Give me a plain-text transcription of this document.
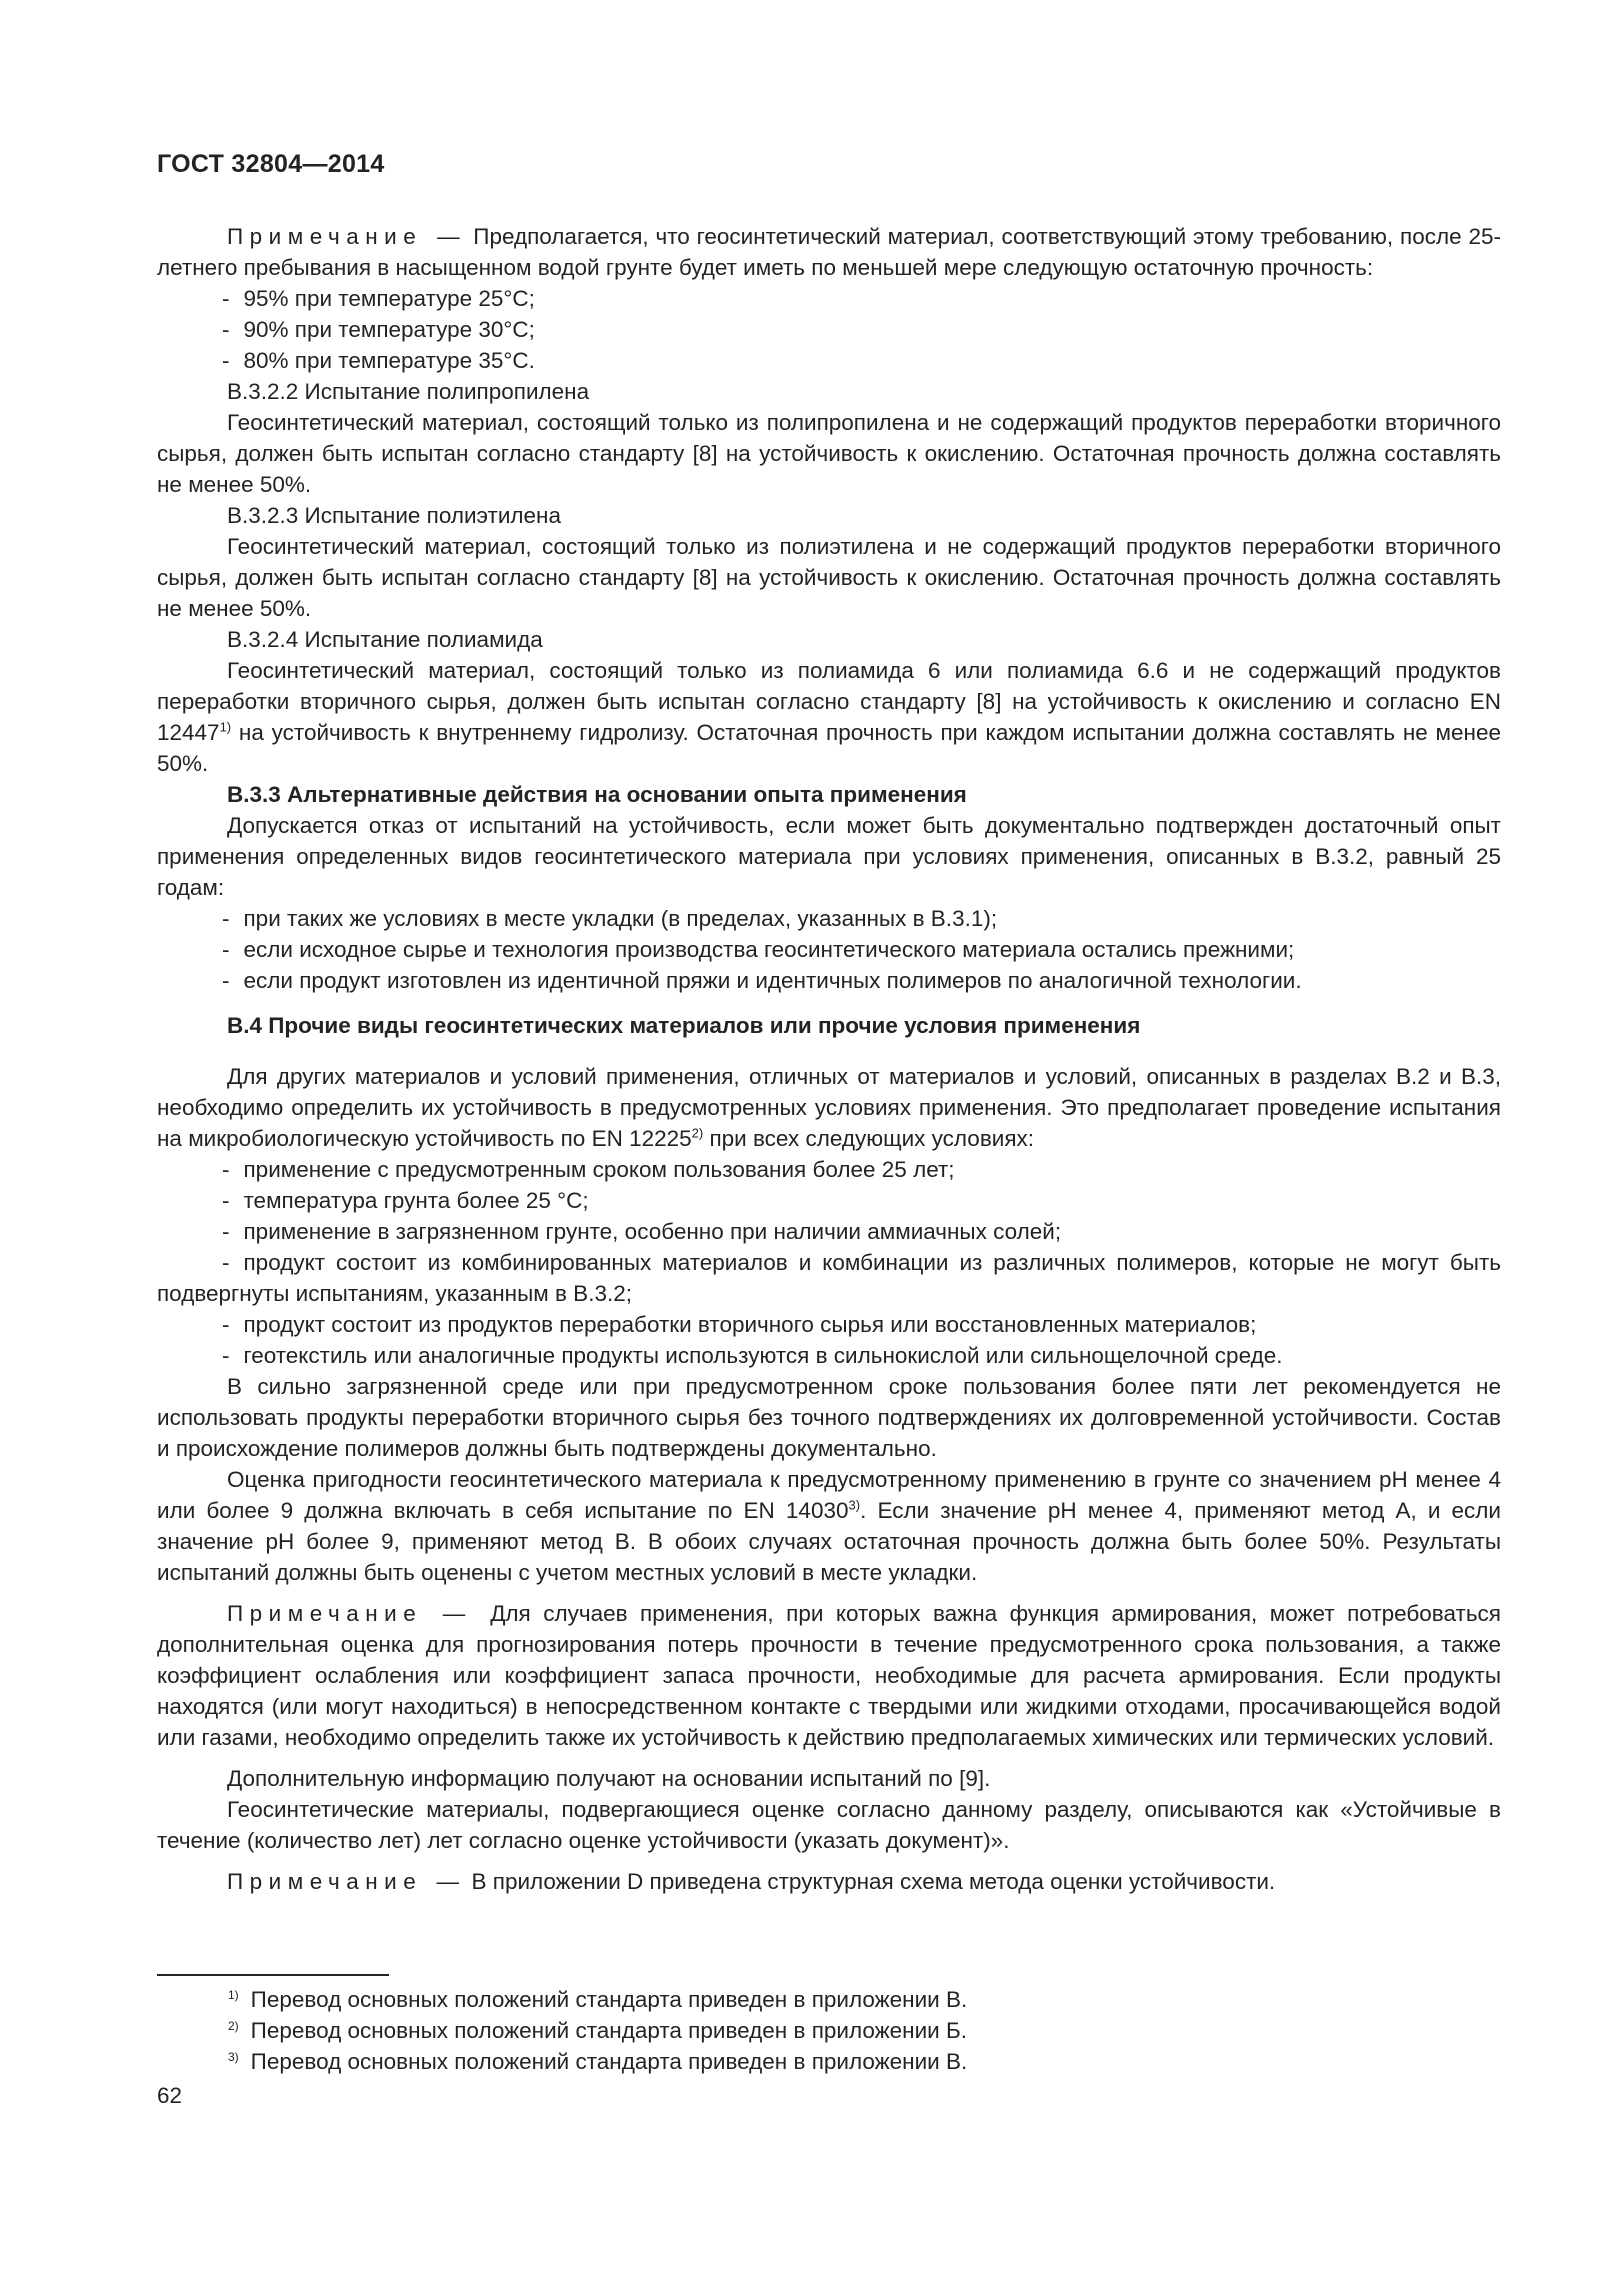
ГОСТ 32804—2014

Примечание — Предполагается, что геосинтетический материал, соответствующий этому требованию, после 25-летнего пребывания в насыщенном водой грунте будет иметь по меньшей мере следующую остаточную прочность:

- 95% при температуре 25°С;

- 90% при температуре 30°С;

- 80% при температуре 35°С.

В.3.2.2 Испытание полипропилена

Геосинтетический материал, состоящий только из полипропилена и не содержащий продуктов переработки вторичного сырья, должен быть испытан согласно стандарту [8] на устойчивость к окислению. Остаточная прочность должна составлять не менее 50%.

В.3.2.3 Испытание полиэтилена

Геосинтетический материал, состоящий только из полиэтилена и не содержащий продуктов переработки вторичного сырья, должен быть испытан согласно стандарту [8] на устойчивость к окислению. Остаточная прочность должна составлять не менее 50%.

В.3.2.4 Испытание полиамида

Геосинтетический материал, состоящий только из полиамида 6 или полиамида 6.6 и не содержащий продуктов переработки вторичного сырья, должен быть испытан согласно стандарту [8] на устойчивость к окислению и согласно EN 12447$^{1)}$ на устойчивость к внутреннему гидролизу. Остаточная прочность при каждом испытании должна составлять не менее 50%.

В.3.3 Альтернативные действия на основании опыта применения

Допускается отказ от испытаний на устойчивость, если может быть документально подтвержден достаточный опыт применения определенных видов геосинтетического материала при условиях применения, описанных в В.3.2, равный 25 годам:

- при таких же условиях в месте укладки (в пределах, указанных в В.3.1);

- если исходное сырье и технология производства геосинтетического материала остались прежними;

- если продукт изготовлен из идентичной пряжи и идентичных полимеров по аналогичной технологии.

В.4 Прочие виды геосинтетических материалов или прочие условия применения

Для других материалов и условий применения, отличных от материалов и условий, описанных в разделах В.2 и В.3, необходимо определить их устойчивость в предусмотренных условиях применения. Это предполагает проведение испытания на микробиологическую устойчивость по EN 12225$^{2)}$ при всех следующих условиях:

- применение с предусмотренным сроком пользования более 25 лет;

- температура грунта более 25 °С;

- применение в загрязненном грунте, особенно при наличии аммиачных солей;

- продукт состоит из комбинированных материалов и комбинации из различных полимеров, которые не могут быть подвергнуты испытаниям, указанным в В.3.2;

- продукт состоит из продуктов переработки вторичного сырья или восстановленных материалов;

- геотекстиль или аналогичные продукты используются в сильнокислой или сильнощелочной среде.

В сильно загрязненной среде или при предусмотренном сроке пользования более пяти лет рекомендуется не использовать продукты переработки вторичного сырья без точного подтверждениях их долговременной устойчивости. Состав и происхождение полимеров должны быть подтверждены документально.

Оценка пригодности геосинтетического материала к предусмотренному применению в грунте со значением pH менее 4 или более 9 должна включать в себя испытание по EN 14030$^{3)}$. Если значение pH менее 4, применяют метод А, и если значение pH более 9, применяют метод В. В обоих случаях остаточная прочность должна быть более 50%. Результаты испытаний должны быть оценены с учетом местных условий в месте укладки.

Примечание — Для случаев применения, при которых важна функция армирования, может потребоваться дополнительная оценка для прогнозирования потерь прочности в течение предусмотренного срока пользования, а также коэффициент ослабления или коэффициент запаса прочности, необходимые для расчета армирования. Если продукты находятся (или могут находиться) в непосредственном контакте с твердыми или жидкими отходами, просачивающейся водой или газами, необходимо определить также их устойчивость к действию предполагаемых химических или термических условий.

Дополнительную информацию получают на основании испытаний по [9].

Геосинтетические материалы, подвергающиеся оценке согласно данному разделу, описываются как «Устойчивые в течение (количество лет) лет согласно оценке устойчивости (указать документ)».

Примечание — В приложении D приведена структурная схема метода оценки устойчивости.

$^{1)}$ Перевод основных положений стандарта приведен в приложении В.
$^{2)}$ Перевод основных положений стандарта приведен в приложении Б.
$^{3)}$ Перевод основных положений стандарта приведен в приложении В.
62
